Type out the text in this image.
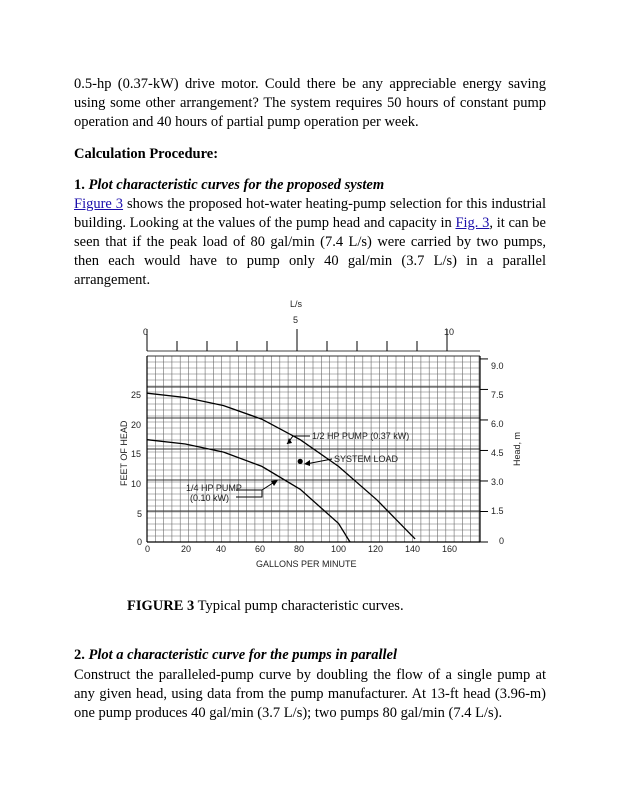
0.5-hp (0.37-kW) drive motor. Could there be any appreciable energy saving using some other arrangement? The system requires 50 hours of constant pump operation and 40 hours of partial pump operation per week.

Calculation Procedure:

1. Plot characteristic curves for the proposed system

Figure 3 shows the proposed hot-water heating-pump selection for this industrial building. Looking at the values of the pump head and capacity in Fig. 3, it can be seen that if the peak load of 80 gal/min (7.4 L/s) were carried by two pumps, then each would have to pump only 40 gal/min (3.7 L/s) in a parallel arrangement.

L/s
0
5
10
0
5
10
15
20
25
0
1.5
3.0
4.5
6.0
7.5
9.0
0	20	40	60	80	100 120 140 160
GALLONS PER MINUTE
FEET OF HEAD	Head, m
1/2 HP PUMP (0.37 kW)
SYSTEM LOAD
1/4 HP PUMP
(0.10 kW)

FIGURE 3 Typical pump characteristic curves.

2. Plot a characteristic curve for the pumps in parallel

Construct the paralleled-pump curve by doubling the flow of a single pump at any given head, using data from the pump manufacturer. At 13-ft head (3.96-m) one pump produces 40 gal/min (3.7 L/s); two pumps 80 gal/min (7.4 L/s).
